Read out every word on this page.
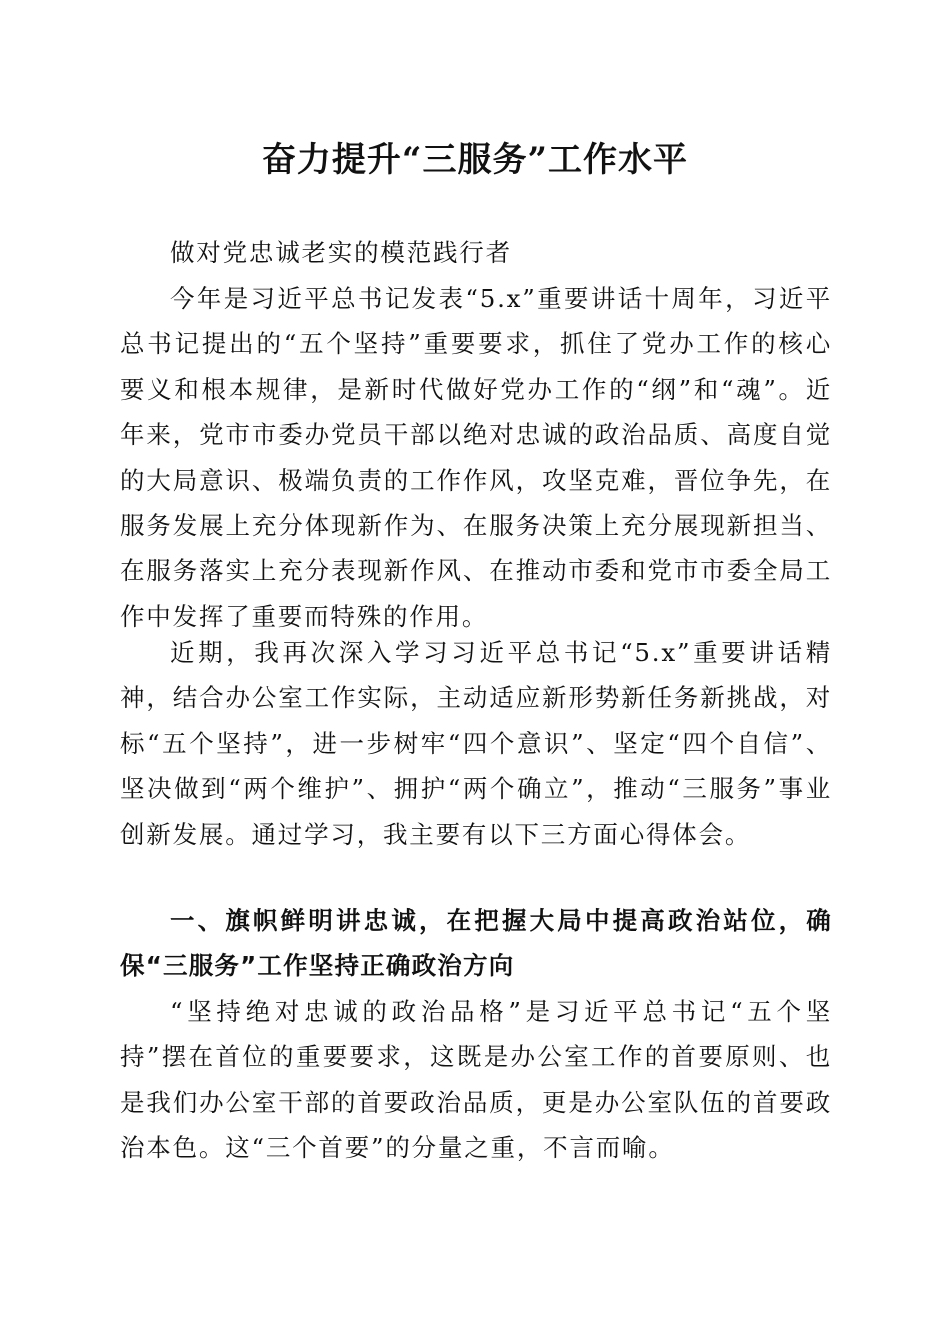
奋力提升“三服务”工作水平

做对党忠诚老实的模范践行者

今年是习近平总书记发表“5.x”重要讲话十周年，习近平总书记提出的“五个坚持”重要要求，抓住了党办工作的核心要义和根本规律，是新时代做好党办工作的“纲”和“魂”。近年来，党市市委办党员干部以绝对忠诚的政治品质、高度自觉的大局意识、极端负责的工作作风，攻坚克难，晋位争先，在服务发展上充分体现新作为、在服务决策上充分展现新担当、在服务落实上充分表现新作风、在推动市委和党市市委全局工作中发挥了重要而特殊的作用。

近期，我再次深入学习习近平总书记“5.x”重要讲话精神，结合办公室工作实际，主动适应新形势新任务新挑战，对标“五个坚持”，进一步树牢“四个意识”、坚定“四个自信”、坚决做到“两个维护”、拥护“两个确立”，推动“三服务”事业创新发展。通过学习，我主要有以下三方面心得体会。

一、旗帜鲜明讲忠诚，在把握大局中提高政治站位，确保“三服务”工作坚持正确政治方向

“坚持绝对忠诚的政治品格”是习近平总书记“五个坚持”摆在首位的重要要求，这既是办公室工作的首要原则、也是我们办公室干部的首要政治品质，更是办公室队伍的首要政治本色。这“三个首要”的分量之重，不言而喻。
